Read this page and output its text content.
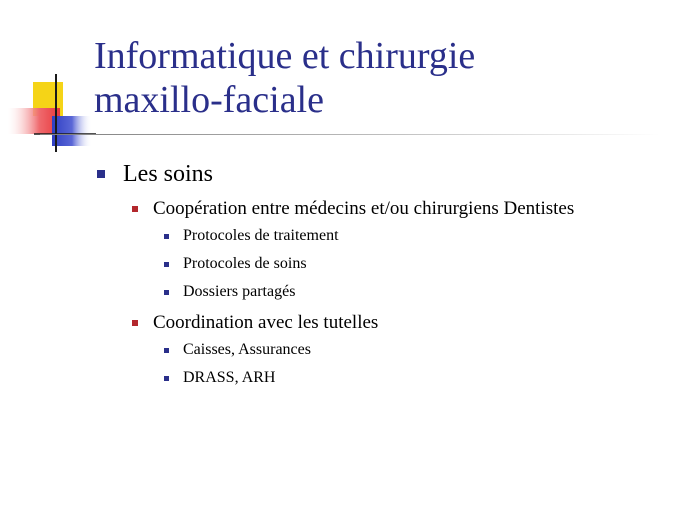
Informatique et chirurgie
maxillo-faciale
Les soins
Coopération entre médecins et/ou chirurgiens Dentistes
Protocoles de traitement
Protocoles de soins
Dossiers partagés
Coordination avec les tutelles
Caisses, Assurances
DRASS, ARH
